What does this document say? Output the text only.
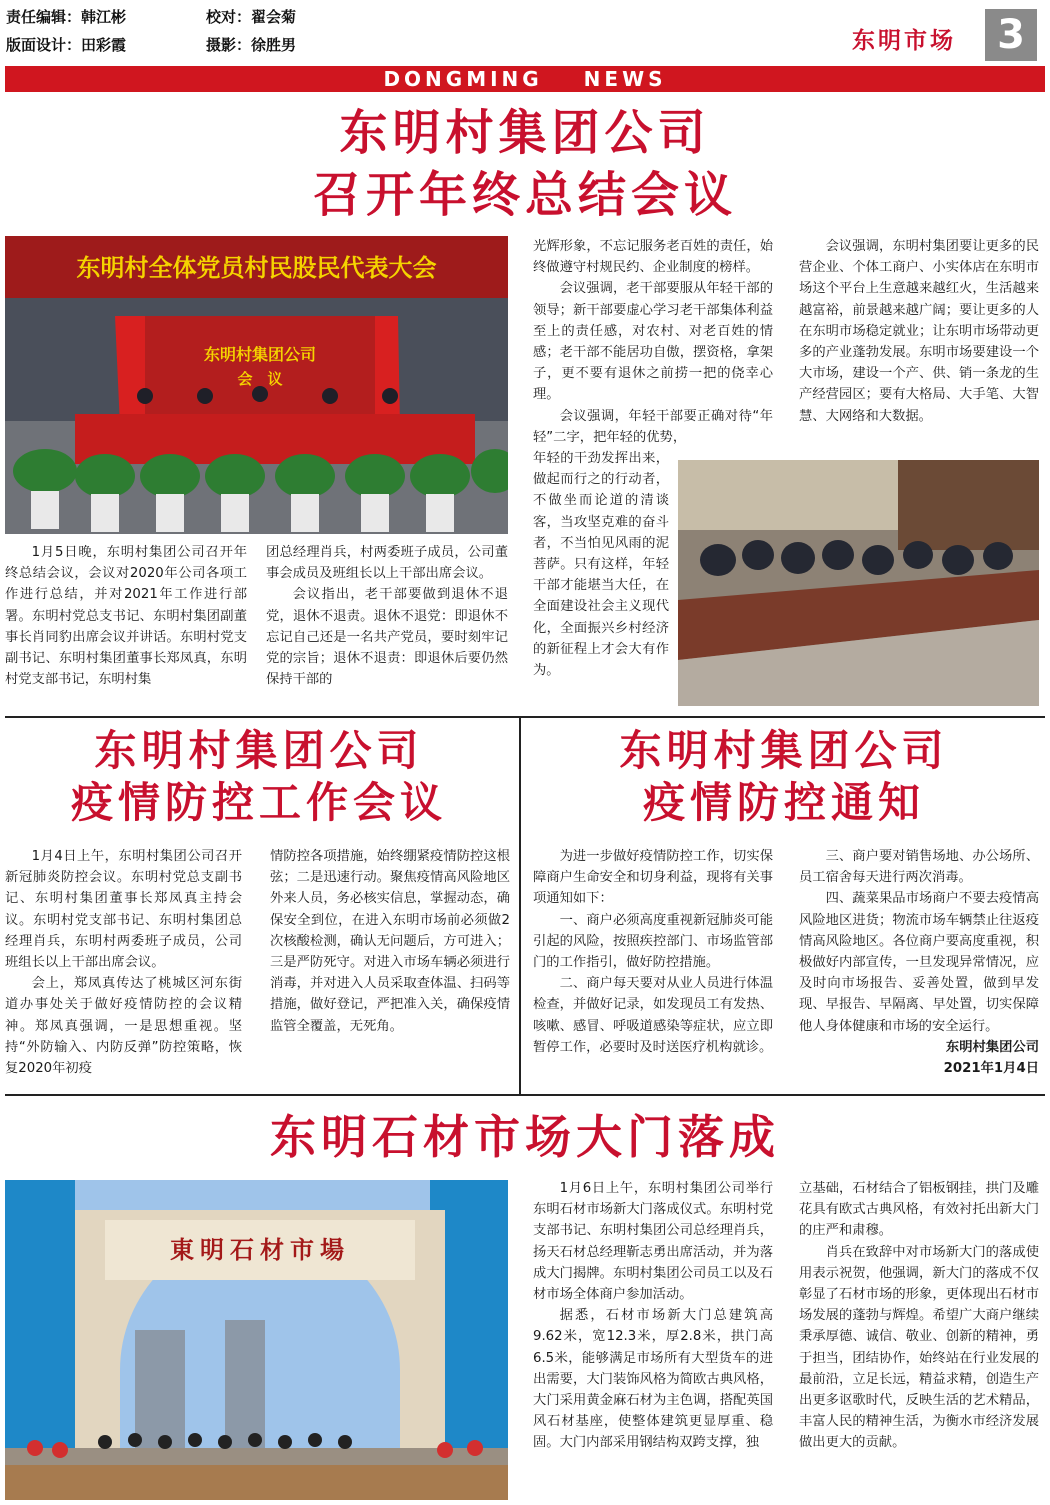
责任编辑：韩江彬	校对：翟会菊
版面设计：田彩霞	摄影：徐胜男	东明市场	3
DONGMING NEWS
东明村集团公司
召开年终总结会议
东明村全体党员村民股民代表大会
东明村集团公司
会　议

1月5日晚，东明村集团公司召开年终总结会议，会议对2020年公司各项工作进行总结，并对2021年工作进行部署。东明村党总支书记、东明村集团副董事长肖同豹出席会议并讲话。东明村党支副书记、东明村集团董事长郑凤真，东明村党支部书记，东明村集

团总经理肖兵，村两委班子成员，公司董事会成员及班组长以上干部出席会议。

会议指出，老干部要做到退休不退党，退休不退责。退休不退党：即退休不忘记自己还是一名共产党员，要时刻牢记党的宗旨；退休不退责：即退休后要仍然保持干部的

光辉形象，不忘记服务老百姓的责任，始终做遵守村规民约、企业制度的榜样。

会议强调，老干部要服从年轻干部的领导；新干部要虚心学习老干部集体利益至上的责任感，对农村、对老百姓的情感；老干部不能居功自傲，摆资格，拿架子，更不要有退休之前捞一把的侥幸心理。

会议强调，年轻干部要正确对待“年轻”二字，把年轻的优势，

年轻的干劲发挥出来，做起而行之的行动者，不做坐而论道的清谈客，当攻坚克难的奋斗者，不当怕见风雨的泥菩萨。只有这样，年轻干部才能堪当大任，在全面建设社会主义现代化，全面振兴乡村经济的新征程上才会大有作为。

会议强调，东明村集团要让更多的民营企业、个体工商户、小实体店在东明市场这个平台上生意越来越红火，生活越来越富裕，前景越来越广阔；要让更多的人在东明市场稳定就业；让东明市场带动更多的产业蓬勃发展。东明市场要建设一个大市场，建设一个产、供、销一条龙的生产经营园区；要有大格局、大手笔、大智慧、大网络和大数据。

东明村集团公司
疫情防控工作会议

1月4日上午，东明村集团公司召开新冠肺炎防控会议。东明村党总支副书记、东明村集团董事长郑凤真主持会议。东明村党支部书记、东明村集团总经理肖兵，东明村两委班子成员，公司班组长以上干部出席会议。

会上，郑凤真传达了桃城区河东街道办事处关于做好疫情防控的会议精神。郑凤真强调，一是思想重视。坚持“外防输入、内防反弹”防控策略，恢复2020年初疫

情防控各项措施，始终绷紧疫情防控这根弦；二是迅速行动。聚焦疫情高风险地区外来人员，务必核实信息，掌握动态，确保安全到位，在进入东明市场前必须做2次核酸检测，确认无问题后，方可进入；三是严防死守。对进入市场车辆必须进行消毒，并对进入人员采取查体温、扫码等措施，做好登记，严把准入关，确保疫情监管全覆盖，无死角。

东明村集团公司
疫情防控通知

为进一步做好疫情防控工作，切实保障商户生命安全和切身利益，现将有关事项通知如下：

一、商户必须高度重视新冠肺炎可能引起的风险，按照疾控部门、市场监管部门的工作指引，做好防控措施。

二、商户每天要对从业人员进行体温检查，并做好记录，如发现员工有发热、咳嗽、感冒、呼吸道感染等症状，应立即暂停工作，必要时及时送医疗机构就诊。

三、商户要对销售场地、办公场所、员工宿舍每天进行两次消毒。

四、蔬菜果品市场商户不要去疫情高风险地区进货；物流市场车辆禁止往返疫情高风险地区。各位商户要高度重视，积极做好内部宣传，一旦发现异常情况，应及时向市场报告、妥善处置，做到早发现、早报告、早隔离、早处置，切实保障他人身体健康和市场的安全运行。

东明村集团公司

2021年1月4日

东明石材市场大门落成
東明石材市場

1月6日上午，东明村集团公司举行东明石材市场新大门落成仪式。东明村党支部书记、东明村集团公司总经理肖兵，扬天石材总经理靳志勇出席活动，并为落成大门揭牌。东明村集团公司员工以及石材市场全体商户参加活动。

据悉，石材市场新大门总建筑高9.62米，宽12.3米，厚2.8米，拱门高6.5米，能够满足市场所有大型货车的进出需要，大门装饰风格为简欧古典风格，大门采用黄金麻石材为主色调，搭配英国风石材基座，使整体建筑更显厚重、稳固。大门内部采用钢结构双跨支撑，独

立基础，石材结合了铝板钢挂，拱门及雕花具有欧式古典风格，有效衬托出新大门的庄严和肃穆。

肖兵在致辞中对市场新大门的落成使用表示祝贺，他强调，新大门的落成不仅彰显了石材市场的形象，更体现出石材市场发展的蓬勃与辉煌。希望广大商户继续秉承厚德、诚信、敬业、创新的精神，勇于担当，团结协作，始终站在行业发展的最前沿，立足长远，精益求精，创造生产出更多讴歌时代，反映生活的艺术精品，丰富人民的精神生活，为衡水市经济发展做出更大的贡献。
